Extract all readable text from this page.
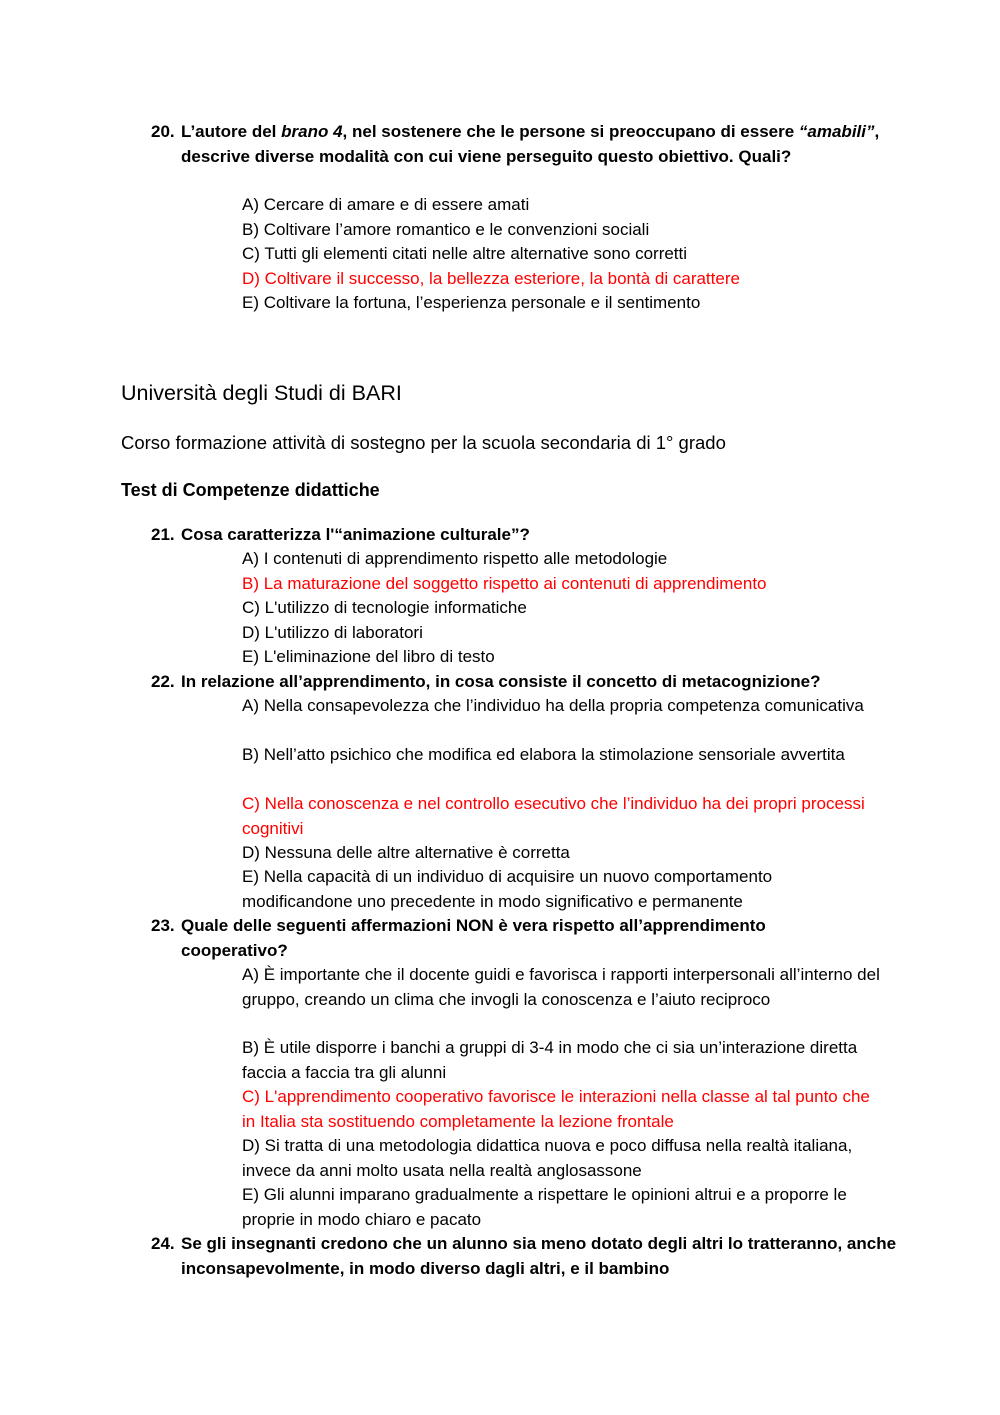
20. L’autore del brano 4, nel sostenere che le persone si preoccupano di essere “amabili”, descrive diverse modalità con cui viene perseguito questo obiettivo. Quali?
A) Cercare di amare e di essere amati
B) Coltivare l’amore romantico e le convenzioni sociali
C) Tutti gli elementi citati nelle altre alternative sono corretti
D) Coltivare il successo, la bellezza esteriore, la bontà di carattere
E) Coltivare la fortuna, l’esperienza personale e il sentimento
Università degli Studi di BARI
Corso formazione attività di sostegno per la scuola secondaria di 1° grado
Test di Competenze didattiche
21. Cosa caratterizza l'“animazione culturale”?
A) I contenuti di apprendimento rispetto alle metodologie
B) La maturazione del soggetto rispetto ai contenuti di apprendimento
C) L'utilizzo di tecnologie informatiche
D) L'utilizzo di laboratori
E) L'eliminazione del libro di testo
22. In relazione all’apprendimento, in cosa consiste il concetto di metacognizione?
A) Nella consapevolezza che l’individuo ha della propria competenza comunicativa
B) Nell’atto psichico che modifica ed elabora la stimolazione sensoriale avvertita
C) Nella conoscenza e nel controllo esecutivo che l’individuo ha dei propri processi cognitivi
D) Nessuna delle altre alternative è corretta
E) Nella capacità di un individuo di acquisire un nuovo comportamento modificandone uno precedente in modo significativo e permanente
23. Quale delle seguenti affermazioni NON è vera rispetto all’apprendimento cooperativo?
A) È importante che il docente guidi e favorisca i rapporti interpersonali all’interno del gruppo, creando un clima che invogli la conoscenza e l’aiuto reciproco
B) È utile disporre i banchi a gruppi di 3-4 in modo che ci sia un’interazione diretta faccia a faccia tra gli alunni
C) L'apprendimento cooperativo favorisce le interazioni nella classe al tal punto che in Italia sta sostituendo completamente la lezione frontale
D) Si tratta di una metodologia didattica nuova e poco diffusa nella realtà italiana, invece da anni molto usata nella realtà anglosassone
E) Gli alunni imparano gradualmente a rispettare le opinioni altrui e a proporre le proprie in modo chiaro e pacato
24. Se gli insegnanti credono che un alunno sia meno dotato degli altri lo tratteranno, anche inconsapevolmente, in modo diverso dagli altri, e il bambino
